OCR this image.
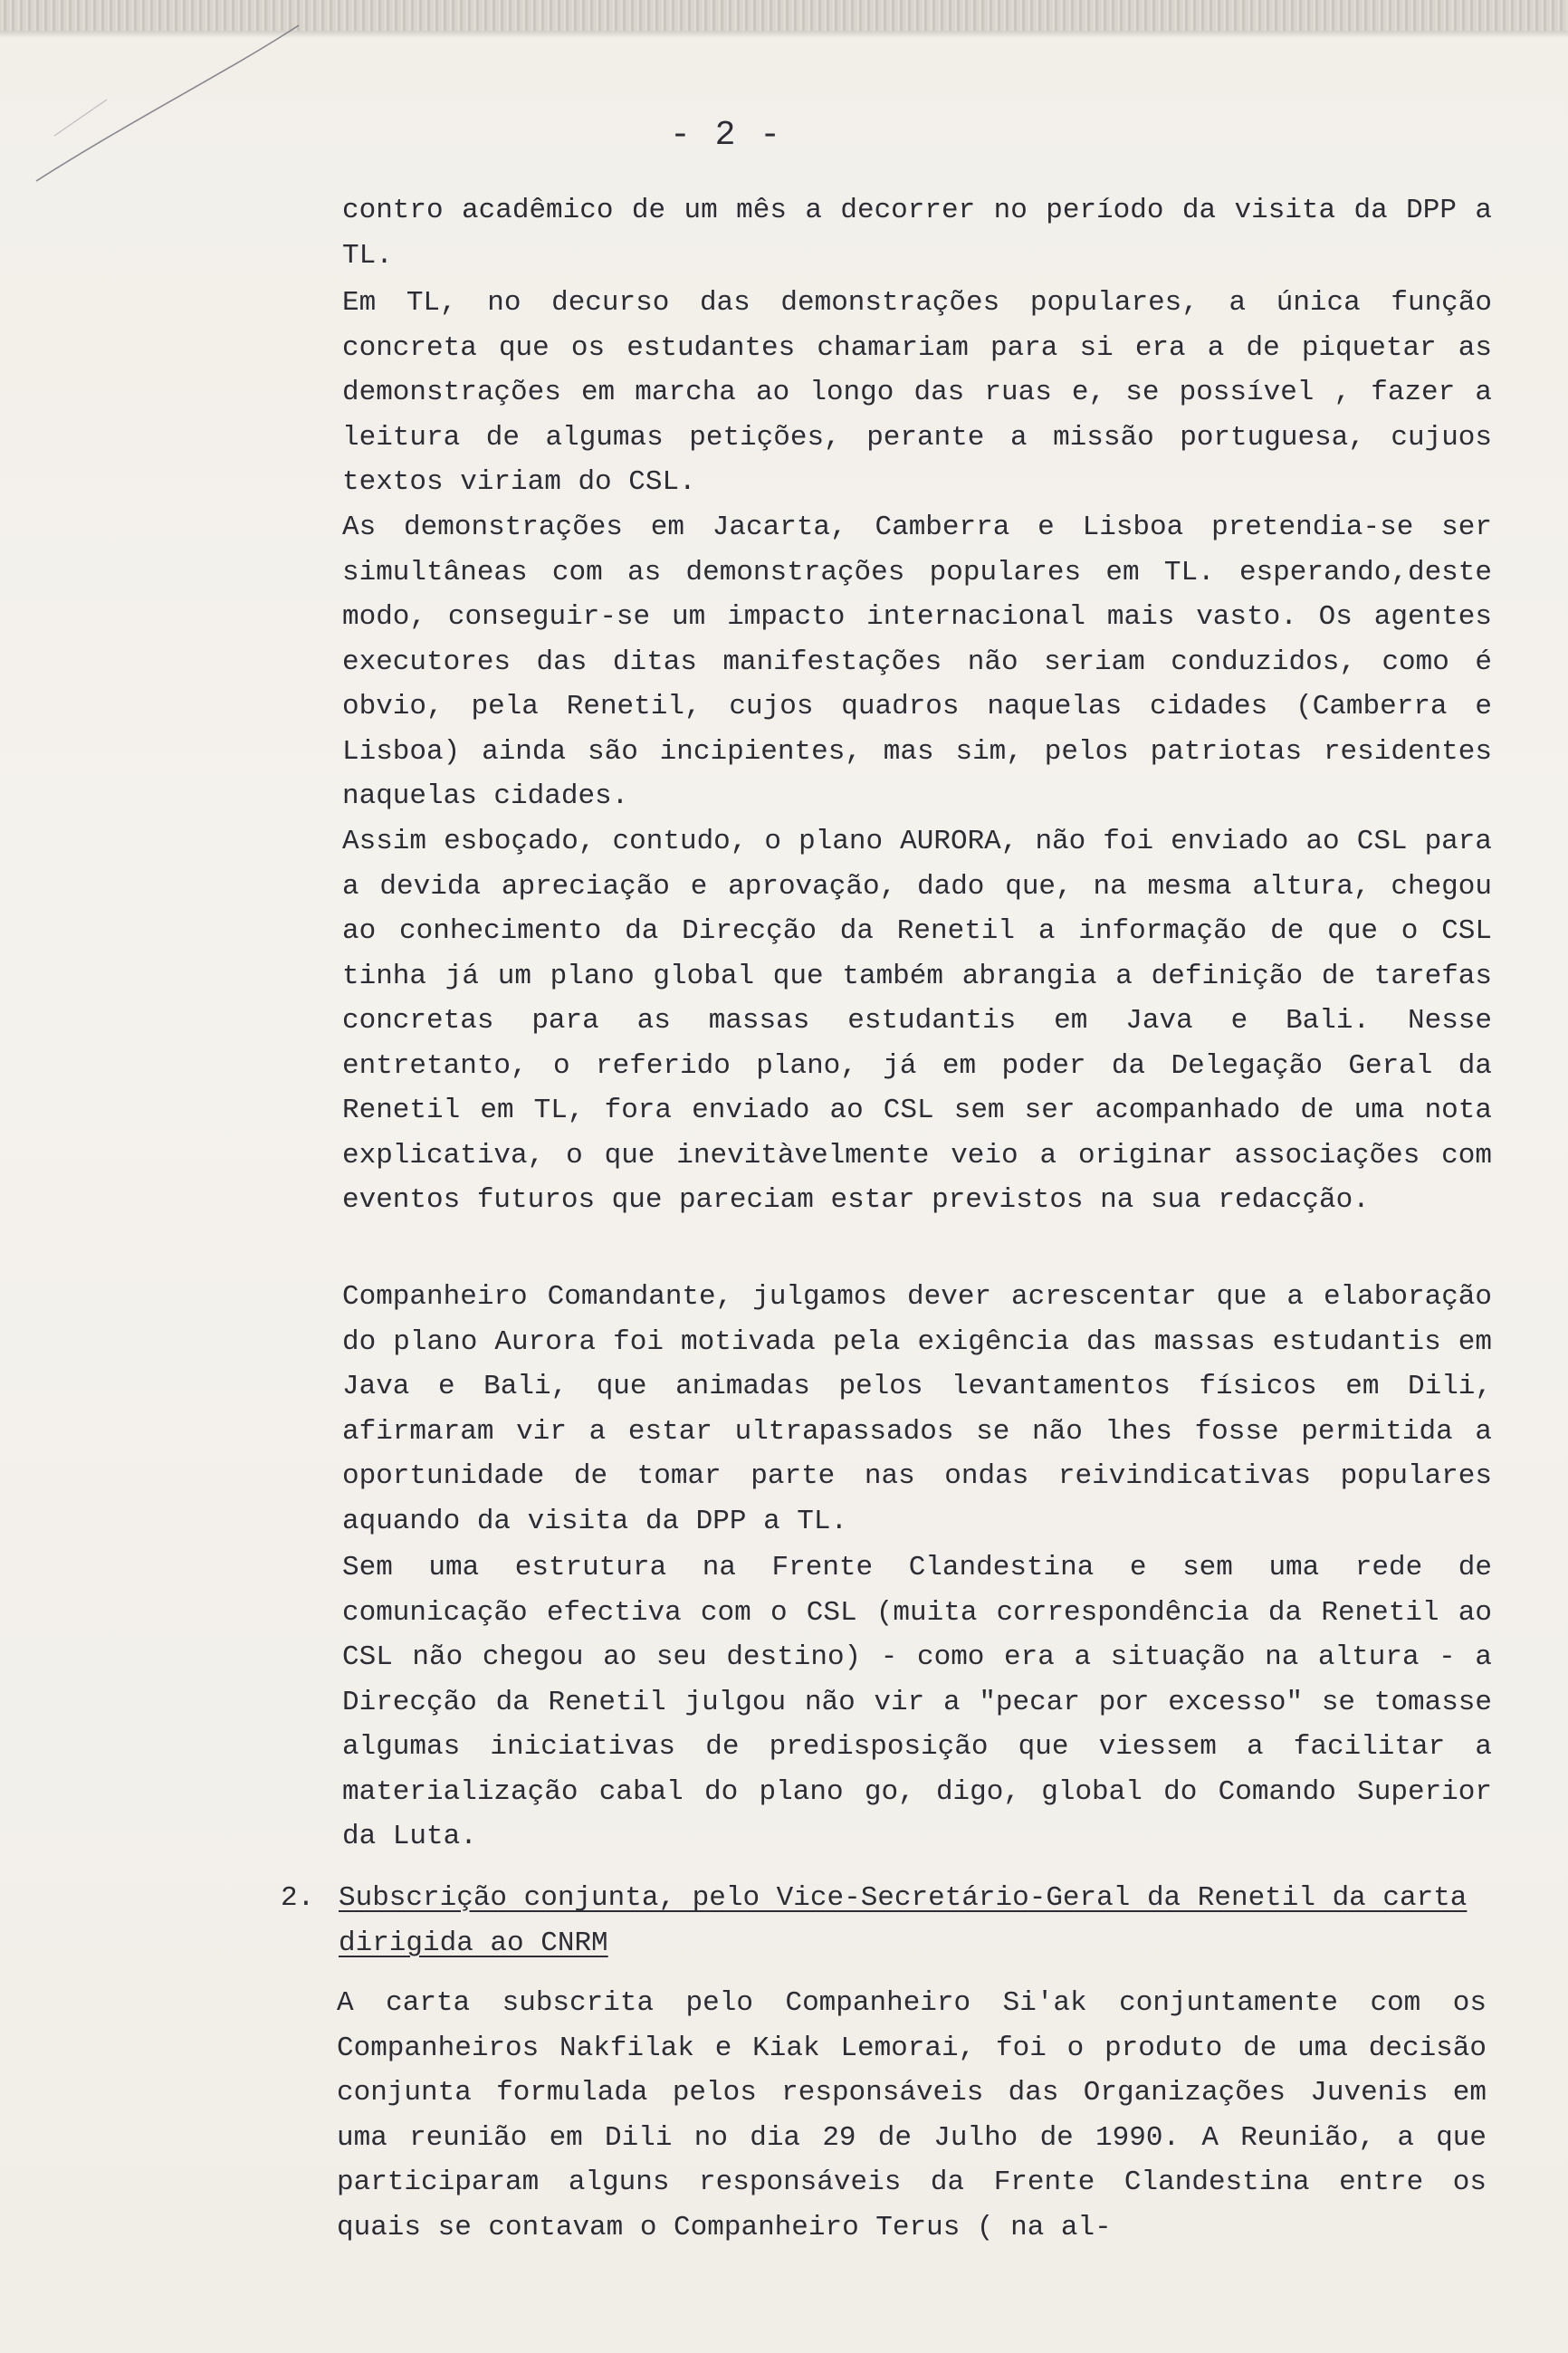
- 2 -

contro acadêmico de um mês a decorrer no período da visita da DPP a TL.

Em TL, no decurso das demonstrações populares, a única função concreta que os estudantes chamariam para si era a de piquetar as demonstrações em marcha ao longo das ruas e, se possível , fazer a leitura de algumas petições, perante a missão portuguesa, cujuos textos viriam do CSL.

As demonstrações em Jacarta, Camberra e Lisboa pretendia-se ser simultâneas com as demonstrações populares em TL. esperando,deste modo, conseguir-se um impacto internacional mais vasto. Os agentes executores das ditas manifestações não seriam conduzidos, como é obvio, pela Renetil, cujos quadros naquelas cidades (Camberra e Lisboa) ainda são incipientes, mas sim, pelos patriotas residentes naquelas cidades.

Assim esboçado, contudo, o plano AURORA, não foi enviado ao CSL para a devida apreciação e aprovação, dado que, na mesma altura, chegou ao conhecimento da Direcção da Renetil a informação de que o CSL tinha já um plano global que também abrangia a definição de tarefas concretas para as massas estudantis em Java e Bali. Nesse entretanto, o referido plano, já em poder da Delegação Geral da Renetil em TL, fora enviado ao CSL sem ser acompanhado de uma nota explicativa, o que inevitàvelmente veio a originar associações com eventos futuros que pareciam estar previstos na sua redacção.

Companheiro Comandante, julgamos dever acrescentar que a elaboração do plano Aurora foi motivada pela exigência das massas estudantis em Java e Bali, que animadas pelos levantamentos físicos em Dili, afirmaram vir a estar ultrapassados se não lhes fosse permitida a oportunidade de tomar parte nas ondas reivindicativas populares aquando da visita da DPP a TL.

Sem uma estrutura na Frente Clandestina e sem uma rede de comunicação efectiva com o CSL (muita correspondência da Renetil ao CSL não chegou ao seu destino) - como era a situação na altura - a Direcção da Renetil julgou não vir a "pecar por excesso" se tomasse algumas iniciativas de predisposição que viessem a facilitar a materialização cabal do plano go, digo, global do Comando Superior da Luta.

2. Subscrição conjunta, pelo Vice-Secretário-Geral da Renetil da carta dirigida ao CNRM

A carta subscrita pelo Companheiro Si'ak conjuntamente com os Companheiros Nakfilak e Kiak Lemorai, foi o produto de uma decisão conjunta formulada pelos responsáveis das Organizações Juvenis em uma reunião em Dili no dia 29 de Julho de 1990. A Reunião, a que participaram alguns responsáveis da Frente Clandestina entre os quais se contavam o Companheiro Terus ( na al-
